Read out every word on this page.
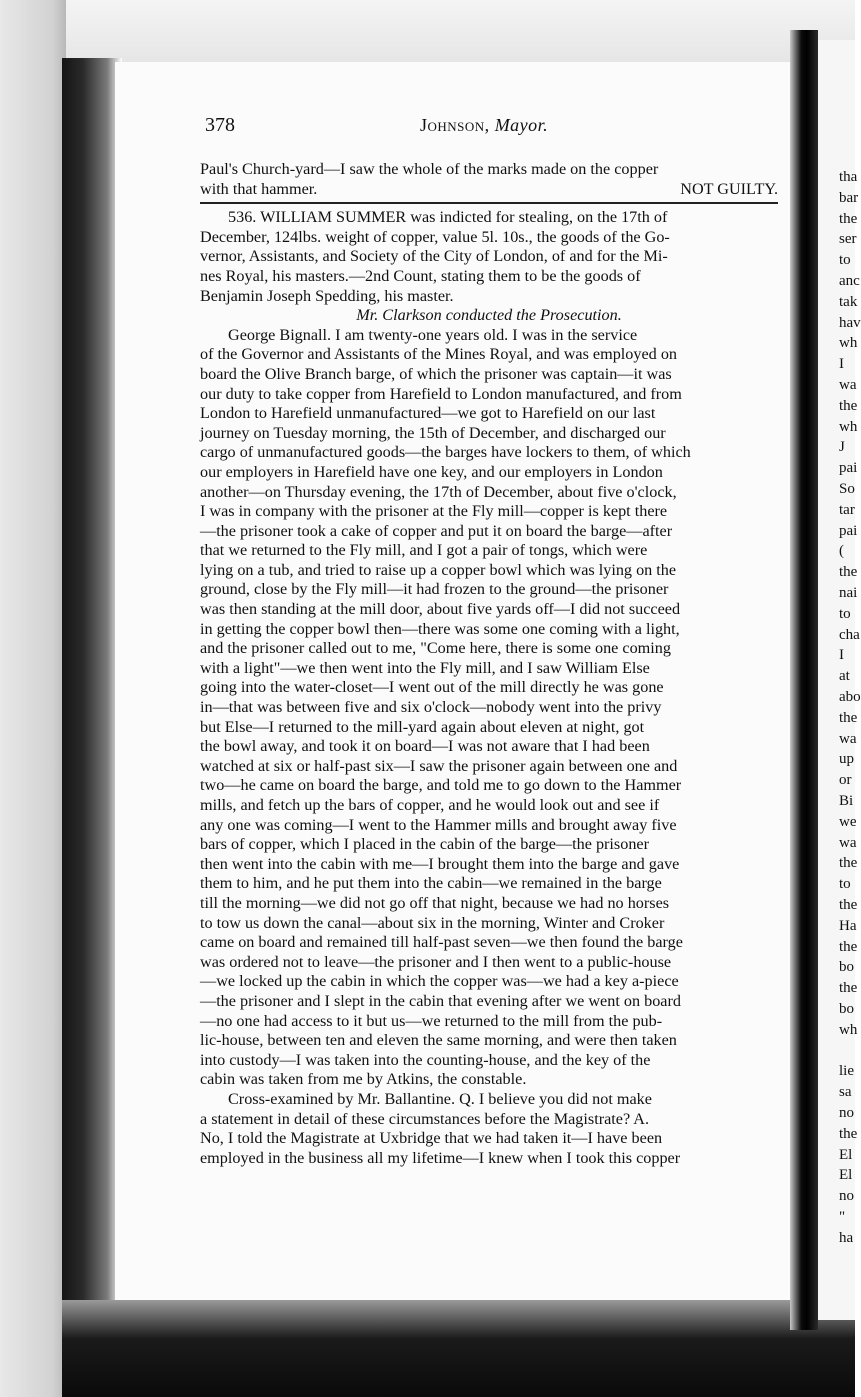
tha
bar
the
ser
to
anc
tak
hav
wh
I
wa
the
wh
J
pai
So
tar
pai
(
the
nai
to
cha
I
at
abo
the
wa
up
or
Bi
we
wa
the
to
the
Ha
the
bo
the
bo
wh
lie
sa
no
the
El
El
no
"
ha
378	Johnson, Mayor.
Paul's Church-yard—I saw the whole of the marks made on the copper
with that hammer.	NOT GUILTY.
536. WILLIAM SUMMER was indicted for stealing, on the 17th of
December, 124lbs. weight of copper, value 5l. 10s., the goods of the Go-
vernor, Assistants, and Society of the City of London, of and for the Mi-
nes Royal, his masters.—2nd Count, stating them to be the goods of
Benjamin Joseph Spedding, his master.
Mr. Clarkson conducted the Prosecution.
George Bignall. I am twenty-one years old. I was in the service
of the Governor and Assistants of the Mines Royal, and was employed on
board the Olive Branch barge, of which the prisoner was captain—it was
our duty to take copper from Harefield to London manufactured, and from
London to Harefield unmanufactured—we got to Harefield on our last
journey on Tuesday morning, the 15th of December, and discharged our
cargo of unmanufactured goods—the barges have lockers to them, of which
our employers in Harefield have one key, and our employers in London
another—on Thursday evening, the 17th of December, about five o'clock,
I was in company with the prisoner at the Fly mill—copper is kept there
—the prisoner took a cake of copper and put it on board the barge—after
that we returned to the Fly mill, and I got a pair of tongs, which were
lying on a tub, and tried to raise up a copper bowl which was lying on the
ground, close by the Fly mill—it had frozen to the ground—the prisoner
was then standing at the mill door, about five yards off—I did not succeed
in getting the copper bowl then—there was some one coming with a light,
and the prisoner called out to me, "Come here, there is some one coming
with a light"—we then went into the Fly mill, and I saw William Else
going into the water-closet—I went out of the mill directly he was gone
in—that was between five and six o'clock—nobody went into the privy
but Else—I returned to the mill-yard again about eleven at night, got
the bowl away, and took it on board—I was not aware that I had been
watched at six or half-past six—I saw the prisoner again between one and
two—he came on board the barge, and told me to go down to the Hammer
mills, and fetch up the bars of copper, and he would look out and see if
any one was coming—I went to the Hammer mills and brought away five
bars of copper, which I placed in the cabin of the barge—the prisoner
then went into the cabin with me—I brought them into the barge and gave
them to him, and he put them into the cabin—we remained in the barge
till the morning—we did not go off that night, because we had no horses
to tow us down the canal—about six in the morning, Winter and Croker
came on board and remained till half-past seven—we then found the barge
was ordered not to leave—the prisoner and I then went to a public-house
—we locked up the cabin in which the copper was—we had a key a-piece
—the prisoner and I slept in the cabin that evening after we went on board
—no one had access to it but us—we returned to the mill from the pub-
lic-house, between ten and eleven the same morning, and were then taken
into custody—I was taken into the counting-house, and the key of the
cabin was taken from me by Atkins, the constable.
Cross-examined by Mr. Ballantine. Q. I believe you did not make
a statement in detail of these circumstances before the Magistrate? A.
No, I told the Magistrate at Uxbridge that we had taken it—I have been
employed in the business all my lifetime—I knew when I took this copper
